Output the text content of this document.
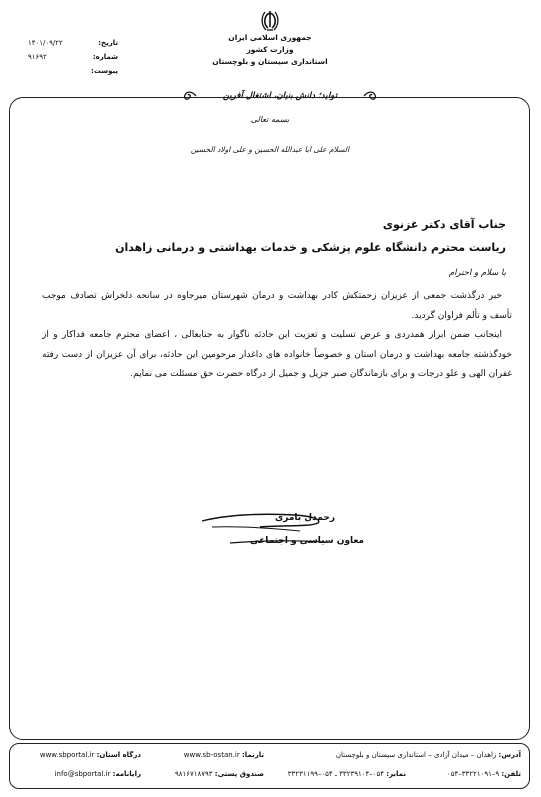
جمهوری اسلامی ایران
وزارت کشور
استانداری سیستان و بلوچستان
تاریخ:
۱۴۰۱/۰۹/۲۲
شماره:
۹۱۶۹۲
پیوست:
تولید؛ دانش بنیان، اشتغال آفرین
بسمه تعالی
السلام علی ابا عبدالله الحسین و علی اولاد الحسین
جناب آقای دکتر غزنوی
ریاست محترم دانشگاه علوم پزشکی و خدمات بهداشتی و درمانی زاهدان
با سلام و احترام

خبر درگذشت جمعی از عزیزان زحمتکش کادر بهداشت و درمان شهرستان میرجاوه در سانحه دلخراش تصادف موجب تأسف و تألم فراوان گردید.

اینجانب ضمن ابراز همدردی و عرض تسلیت و تعزیت این حادثه ناگوار به جنابعالی ، اعضای محترم جامعه فداکار و از خودگذشته جامعه بهداشت و درمان استان و خصوصاً خانواده های داغدار مرحومین این حادثه، برای آن عزیزان از دست رفته غفران الهی و علو درجات و برای بازماندگان صبر جزیل و جمیل از درگاه حضرت حق مسئلت می نمایم.

رحمدل بامری
معاون سیاسی و اجتماعی
آدرس: زاهدان – میدان آزادی – استانداری سیستان و بلوچستان
تلفن: ۹–۳۳۲۲۱۰۹۱–۰۵۴
نمابر: ۰۵۴–۳۳۲۳۹۱۰۴ ـ ۰۵۴–۳۳۲۳۱۱۹۹
تارنما: www.sb-ostan.ir
صندوق پستی: ۹۸۱۶۷۱۸۷۹۳
درگاه استان: www.sbportal.ir
رایانامه: info@sbportal.ir
